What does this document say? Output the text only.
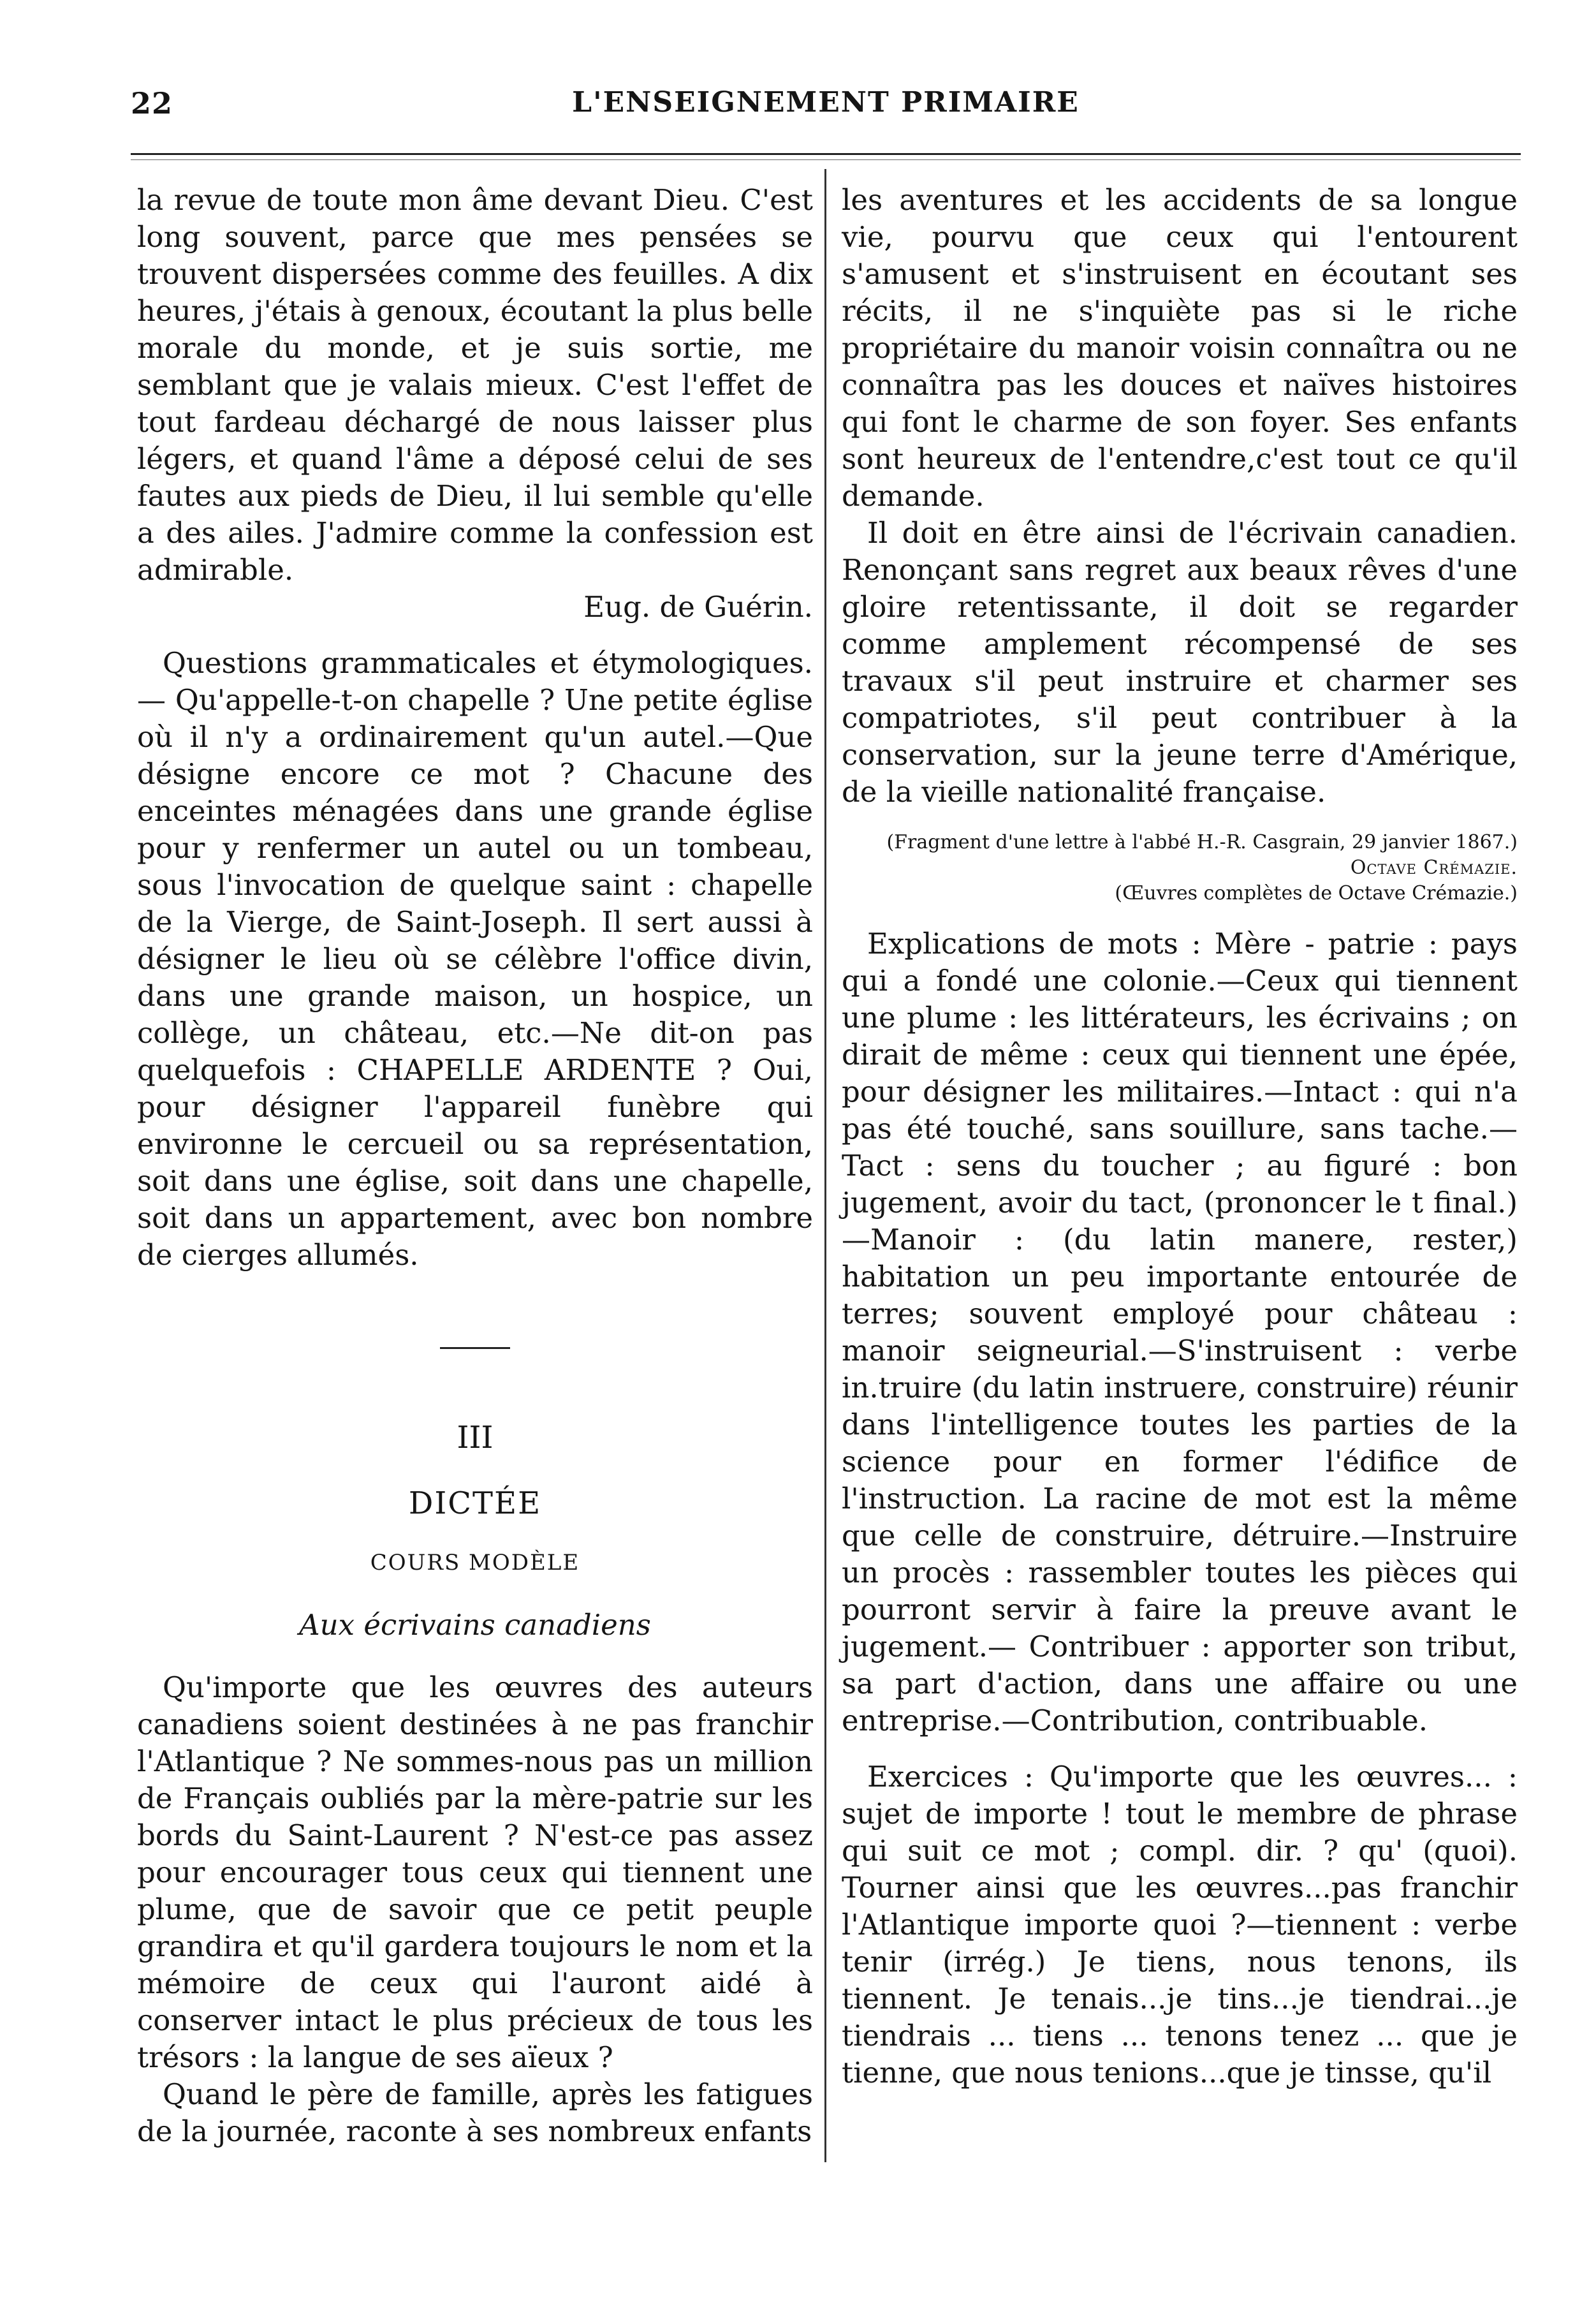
22	L'ENSEIGNEMENT PRIMAIRE

la revue de toute mon âme devant Dieu. C'est long souvent, parce que mes pensées se trouvent dispersées comme des feuilles. A dix heures, j'étais à genoux, écoutant la plus belle morale du monde, et je suis sortie, me semblant que je valais mieux. C'est l'effet de tout fardeau déchargé de nous laisser plus légers, et quand l'âme a déposé celui de ses fautes aux pieds de Dieu, il lui semble qu'elle a des ailes. J'admire comme la confession est admirable.

Eug. de Guérin.

Questions grammaticales et étymologiques. — Qu'appelle-t-on chapelle ? Une petite église où il n'y a ordinairement qu'un autel.—Que désigne encore ce mot ? Chacune des enceintes ménagées dans une grande église pour y renfermer un autel ou un tombeau, sous l'invocation de quelque saint : chapelle de la Vierge, de Saint-Joseph. Il sert aussi à désigner le lieu où se célèbre l'office divin, dans une grande maison, un hospice, un collège, un château, etc.—Ne dit-on pas quelquefois : CHAPELLE ARDENTE ? Oui, pour désigner l'appareil funèbre qui environne le cercueil ou sa représentation, soit dans une église, soit dans une chapelle, soit dans un appartement, avec bon nombre de cierges allumés.

III
DICTÉE
COURS MODÈLE
Aux écrivains canadiens

Qu'importe que les œuvres des auteurs canadiens soient destinées à ne pas franchir l'Atlantique ? Ne sommes-nous pas un million de Français oubliés par la mère-patrie sur les bords du Saint-Laurent ? N'est-ce pas assez pour encourager tous ceux qui tiennent une plume, que de savoir que ce petit peuple grandira et qu'il gardera toujours le nom et la mémoire de ceux qui l'auront aidé à conserver intact le plus précieux de tous les trésors : la langue de ses aïeux ?

Quand le père de famille, après les fatigues de la journée, raconte à ses nombreux enfants

les aventures et les accidents de sa longue vie, pourvu que ceux qui l'entourent s'amusent et s'instruisent en écoutant ses récits, il ne s'inquiète pas si le riche propriétaire du manoir voisin connaîtra ou ne connaîtra pas les douces et naïves histoires qui font le charme de son foyer. Ses enfants sont heureux de l'entendre,c'est tout ce qu'il demande.

Il doit en être ainsi de l'écrivain canadien. Renonçant sans regret aux beaux rêves d'une gloire retentissante, il doit se regarder comme amplement récompensé de ses travaux s'il peut instruire et charmer ses compatriotes, s'il peut contribuer à la conservation, sur la jeune terre d'Amérique, de la vieille nationalité française.

(Fragment d'une lettre à l'abbé H.-R. Casgrain, 29 janvier 1867.)

Octave Crémazie.

(Œuvres complètes de Octave Crémazie.)

Explications de mots : Mère - patrie : pays qui a fondé une colonie.—Ceux qui tiennent une plume : les littérateurs, les écrivains ; on dirait de même : ceux qui tiennent une épée, pour désigner les militaires.—Intact : qui n'a pas été touché, sans souillure, sans tache.—Tact : sens du toucher ; au figuré : bon jugement, avoir du tact, (prononcer le t final.) —Manoir : (du latin manere, rester,) habitation un peu importante entourée de terres; souvent employé pour château : manoir seigneurial.—S'instruisent : verbe in.truire (du latin instruere, construire) réunir dans l'intelligence toutes les parties de la science pour en former l'édifice de l'instruction. La racine de mot est la même que celle de construire, détruire.—Instruire un procès : rassembler toutes les pièces qui pourront servir à faire la preuve avant le jugement.— Contribuer : apporter son tribut, sa part d'action, dans une affaire ou une entreprise.—Contribution, contribuable.

Exercices : Qu'importe que les œuvres... : sujet de importe ! tout le membre de phrase qui suit ce mot ; compl. dir. ? qu' (quoi). Tourner ainsi que les œuvres...pas franchir l'Atlantique importe quoi ?—tiennent : verbe tenir (irrég.) Je tiens, nous tenons, ils tiennent. Je tenais...je tins...je tiendrai...je tiendrais ... tiens ... tenons tenez ... que je tienne, que nous tenions...que je tinsse, qu'il
